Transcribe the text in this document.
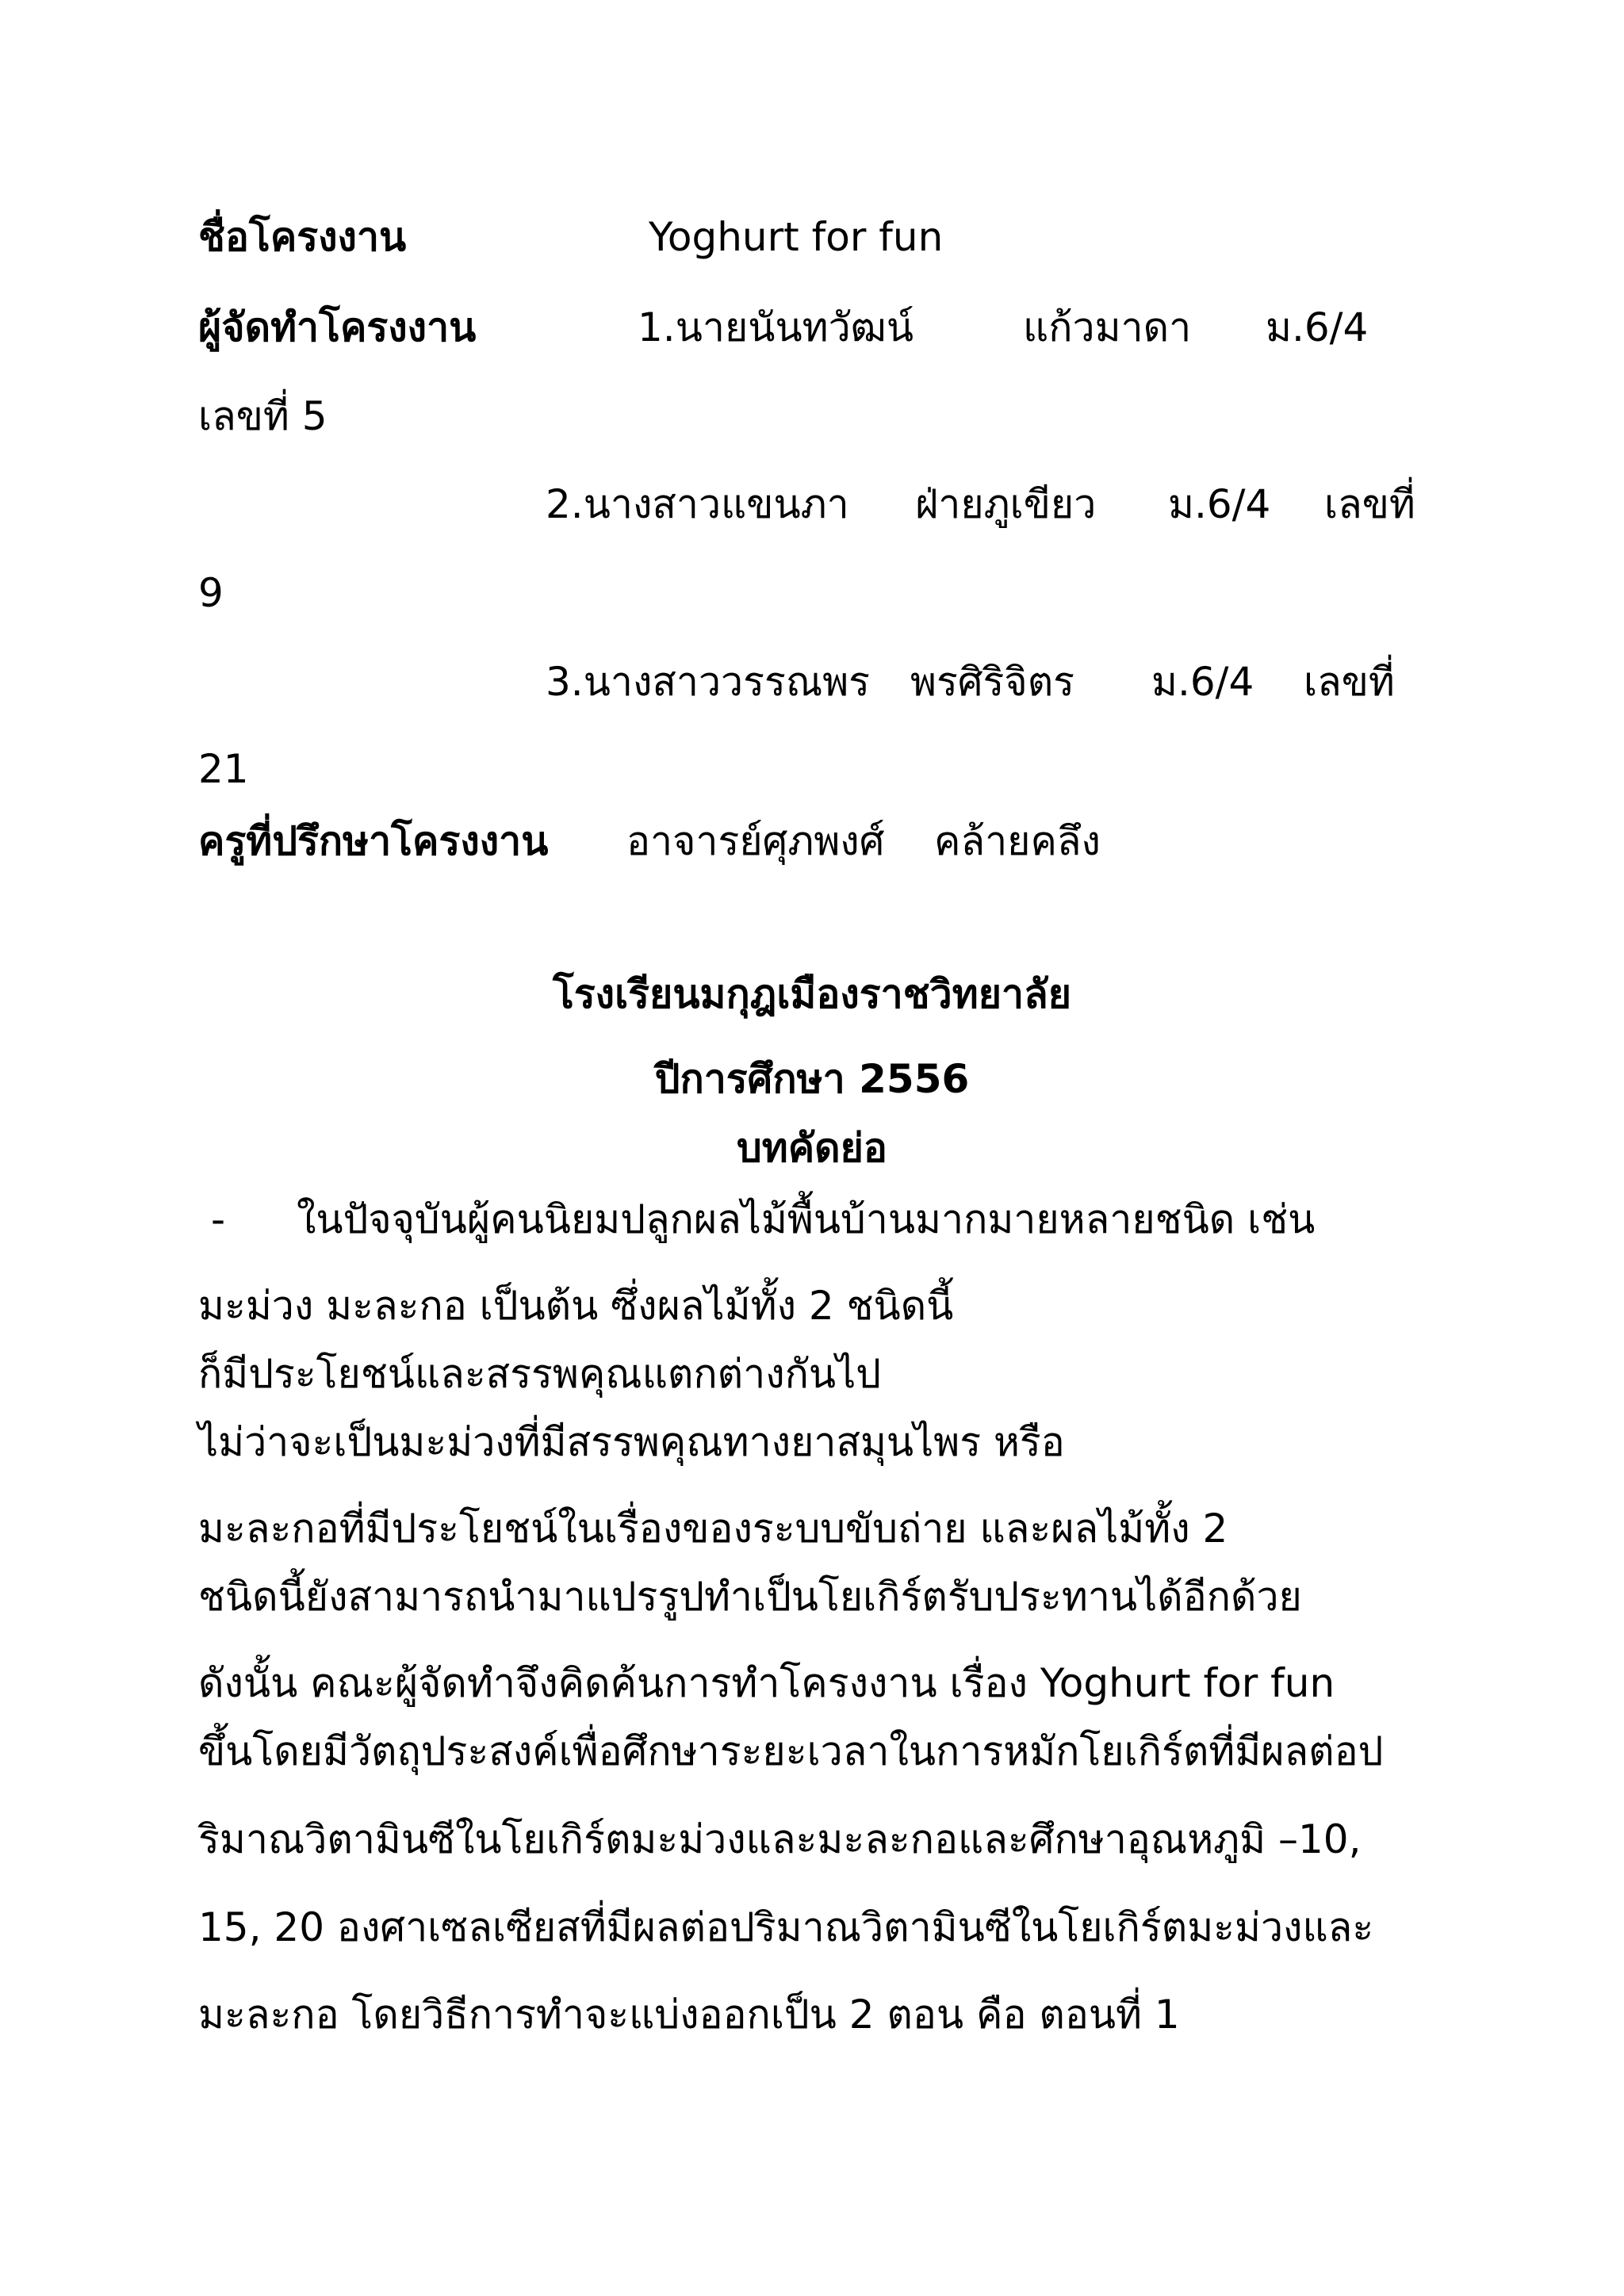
ชื่อโครงงาน	Yoghurt for fun
ผู้จัดทำโครงงาน	1.นายนันทวัฒน์	แก้วมาดา ม.6/4
เลขที่ 5
2.นางสาวแขนภา ฝ่ายภูเขียว ม.6/4 เลขที่
9
3.นางสาววรรณพร พรศิริจิตร ม.6/4 เลขที่
21
ครูที่ปรึกษาโครงงาน อาจารย์ศุภพงศ์ คล้ายคลึง
โรงเรียนมกุฎเมืองราชวิทยาลัย
ปีการศึกษา 2556
บทคัดย่อ
- ในปัจจุบันผู้คนนิยมปลูกผลไม้พื้นบ้านมากมายหลายชนิด เช่น
มะม่วง มะละกอ เป็นต้น ซึ่งผลไม้ทั้ง 2 ชนิดนี้
ก็มีประโยชน์และสรรพคุณแตกต่างกันไป
ไม่ว่าจะเป็นมะม่วงที่มีสรรพคุณทางยาสมุนไพร หรือ
มะละกอที่มีประโยชน์ในเรื่องของระบบขับถ่าย และผลไม้ทั้ง 2
ชนิดนี้ยังสามารถนำมาแปรรูปทำเป็นโยเกิร์ตรับประทานได้อีกด้วย
ดังนั้น คณะผู้จัดทำจึงคิดค้นการทำโครงงาน เรื่อง Yoghurt for fun
ขึ้นโดยมีวัตถุประสงค์เพื่อศึกษาระยะเวลาในการหมักโยเกิร์ตที่มีผลต่อป
ริมาณวิตามินซีในโยเกิร์ตมะม่วงและมะละกอและศึกษาอุณหภูมิ –10,
15, 20 องศาเซลเซียสที่มีผลต่อปริมาณวิตามินซีในโยเกิร์ตมะม่วงและ
มะละกอ โดยวิธีการทำจะแบ่งออกเป็น 2 ตอน คือ ตอนที่ 1
